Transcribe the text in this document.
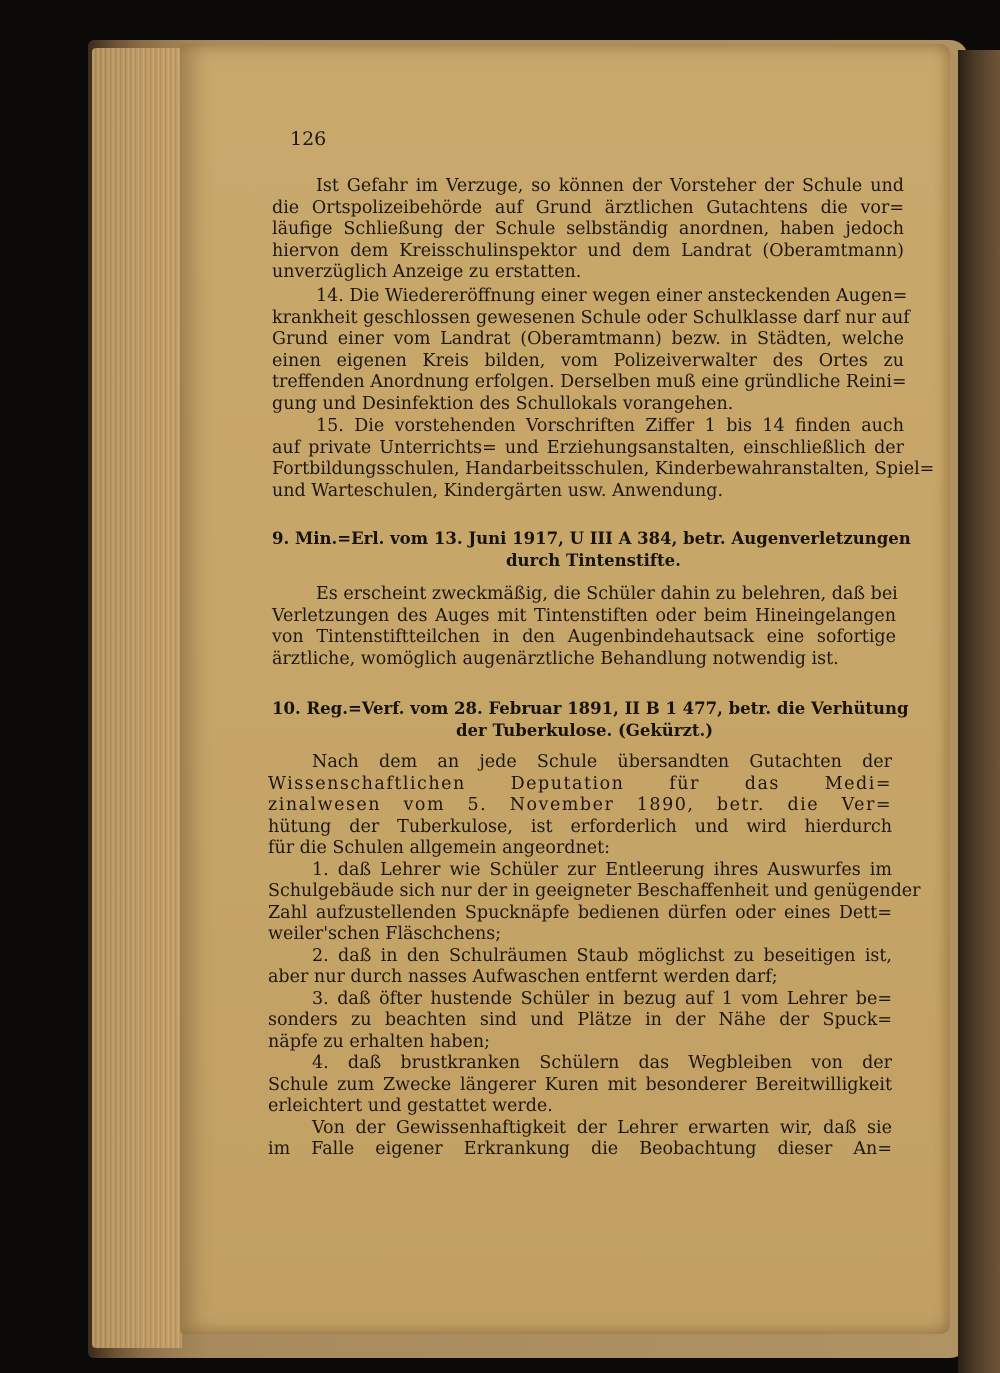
126
Ist Gefahr im Verzuge, so können der Vorsteher der Schule und
die Ortspolizeibehörde auf Grund ärztlichen Gutachtens die vor=
läufige Schließung der Schule selbständig anordnen, haben jedoch
hiervon dem Kreisschulinspektor und dem Landrat (Oberamtmann)
unverzüglich Anzeige zu erstatten.
14. Die Wiedereröffnung einer wegen einer ansteckenden Augen=
krankheit geschlossen gewesenen Schule oder Schulklasse darf nur auf
Grund einer vom Landrat (Oberamtmann) bezw. in Städten, welche
einen eigenen Kreis bilden, vom Polizeiverwalter des Ortes zu
treffenden Anordnung erfolgen. Derselben muß eine gründliche Reini=
gung und Desinfektion des Schullokals vorangehen.
15. Die vorstehenden Vorschriften Ziffer 1 bis 14 finden auch
auf private Unterrichts= und Erziehungsanstalten, einschließlich der
Fortbildungsschulen, Handarbeitsschulen, Kinderbewahranstalten, Spiel=
und Warteschulen, Kindergärten usw. Anwendung.
9. Min.=Erl. vom 13. Juni 1917, U III A 384, betr. Augenverletzungen
durch Tintenstifte.
Es erscheint zweckmäßig, die Schüler dahin zu belehren, daß bei
Verletzungen des Auges mit Tintenstiften oder beim Hineingelangen
von Tintenstiftteilchen in den Augenbindehautsack eine sofortige
ärztliche, womöglich augenärztliche Behandlung notwendig ist.
10. Reg.=Verf. vom 28. Februar 1891, II B 1 477, betr. die Verhütung
der Tuberkulose. (Gekürzt.)
Nach dem an jede Schule übersandten Gutachten der
Wissenschaftlichen Deputation für das Medi=
zinalwesen vom 5. November 1890, betr. die Ver=
hütung der Tuberkulose, ist erforderlich und wird hierdurch
für die Schulen allgemein angeordnet:
1. daß Lehrer wie Schüler zur Entleerung ihres Auswurfes im
Schulgebäude sich nur der in geeigneter Beschaffenheit und genügender
Zahl aufzustellenden Spucknäpfe bedienen dürfen oder eines Dett=
weiler'schen Fläschchens;
2. daß in den Schulräumen Staub möglichst zu beseitigen ist,
aber nur durch nasses Aufwaschen entfernt werden darf;
3. daß öfter hustende Schüler in bezug auf 1 vom Lehrer be=
sonders zu beachten sind und Plätze in der Nähe der Spuck=
näpfe zu erhalten haben;
4. daß brustkranken Schülern das Wegbleiben von der
Schule zum Zwecke längerer Kuren mit besonderer Bereitwilligkeit
erleichtert und gestattet werde.
Von der Gewissenhaftigkeit der Lehrer erwarten wir, daß sie
im Falle eigener Erkrankung die Beobachtung dieser An=
